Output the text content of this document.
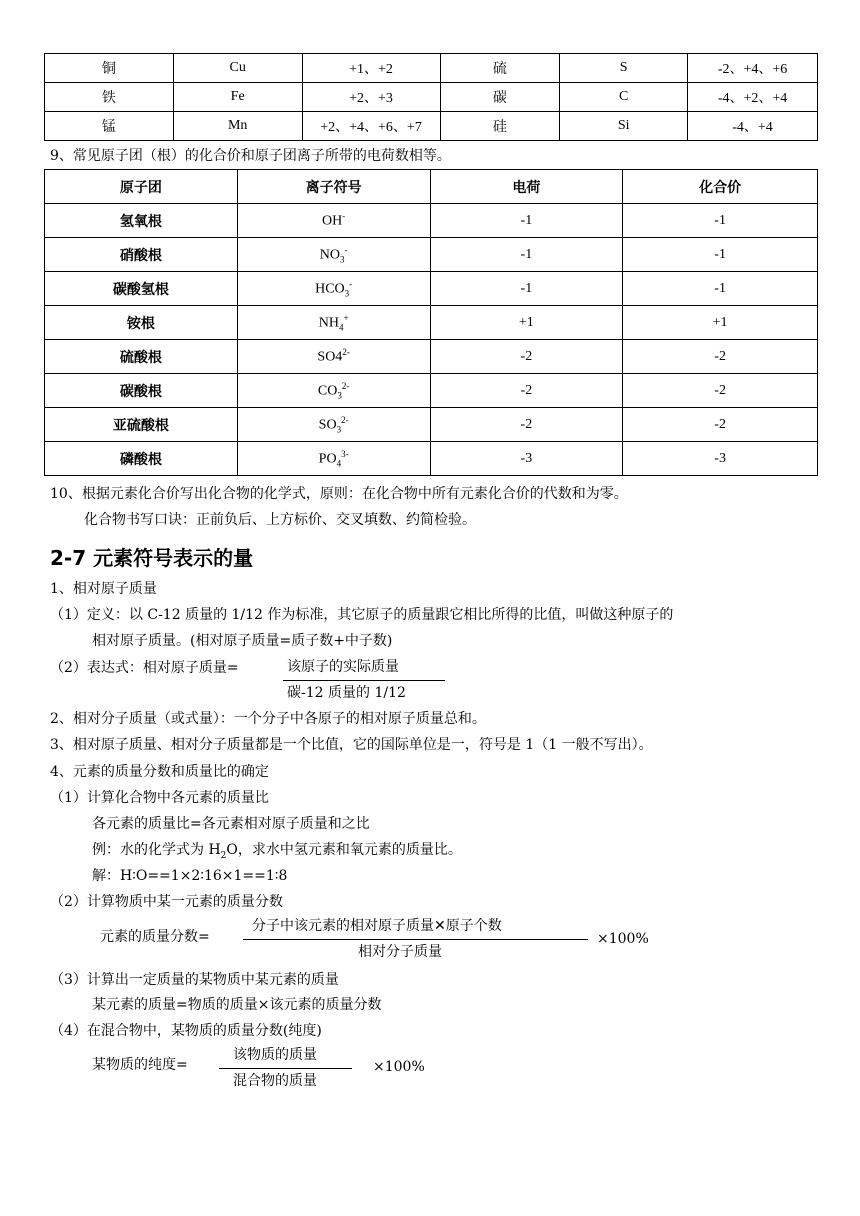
铜	Cu	+1、+2	硫	S	-2、+4、+6
铁	Fe	+2、+3	碳	C	-4、+2、+4
锰	Mn	+2、+4、+6、+7	硅	Si	-4、+4
9、常见原子团（根）的化合价和原子团离子所带的电荷数相等。
原子团	离子符号	电荷	化合价
氢氧根	OH-	-1	-1
硝酸根	$NO_3^-$	-1	-1
碳酸氢根	$HCO_3^-$	-1	-1
铵根	$NH_4^+$	+1	+1
硫酸根	$SO4^{2-}$	-2	-2
碳酸根	$CO_3^{2-}$	-2	-2
亚硫酸根	$SO_3^{2-}$	-2	-2
磷酸根	$PO_4^{3-}$	-3	-3
10、根据元素化合价写出化合物的化学式，原则：在化合物中所有元素化合价的代数和为零。
化合物书写口诀：正前负后、上方标价、交叉填数、约简检验。
2-7 元素符号表示的量
1、相对原子质量
（1）定义：以 C-12 质量的 1/12 作为标准，其它原子的质量跟它相比所得的比值，叫做这种原子的
相对原子质量。(相对原子质量=质子数+中子数)
（2）表达式：相对原子质量=	该原子的实际质量
碳-12 质量的 1/12
2、相对分子质量（或式量）：一个分子中各原子的相对原子质量总和。
3、相对原子质量、相对分子质量都是一个比值，它的国际单位是一，符号是 1（1 一般不写出）。
4、元素的质量分数和质量比的确定
（1）计算化合物中各元素的质量比
各元素的质量比=各元素相对原子质量和之比
例：水的化学式为 $H_2O$，求水中氢元素和氧元素的质量比。
解：H∶O==1×2∶16×1==1∶8
（2）计算物质中某一元素的质量分数
元素的质量分数=
分子中该元素的相对原子质量✕原子个数
相对分子质量
×100%
（3）计算出一定质量的某物质中某元素的质量
某元素的质量=物质的质量×该元素的质量分数
（4）在混合物中，某物质的质量分数(纯度)
某物质的纯度=
该物质的质量
混合物的质量
×100%
